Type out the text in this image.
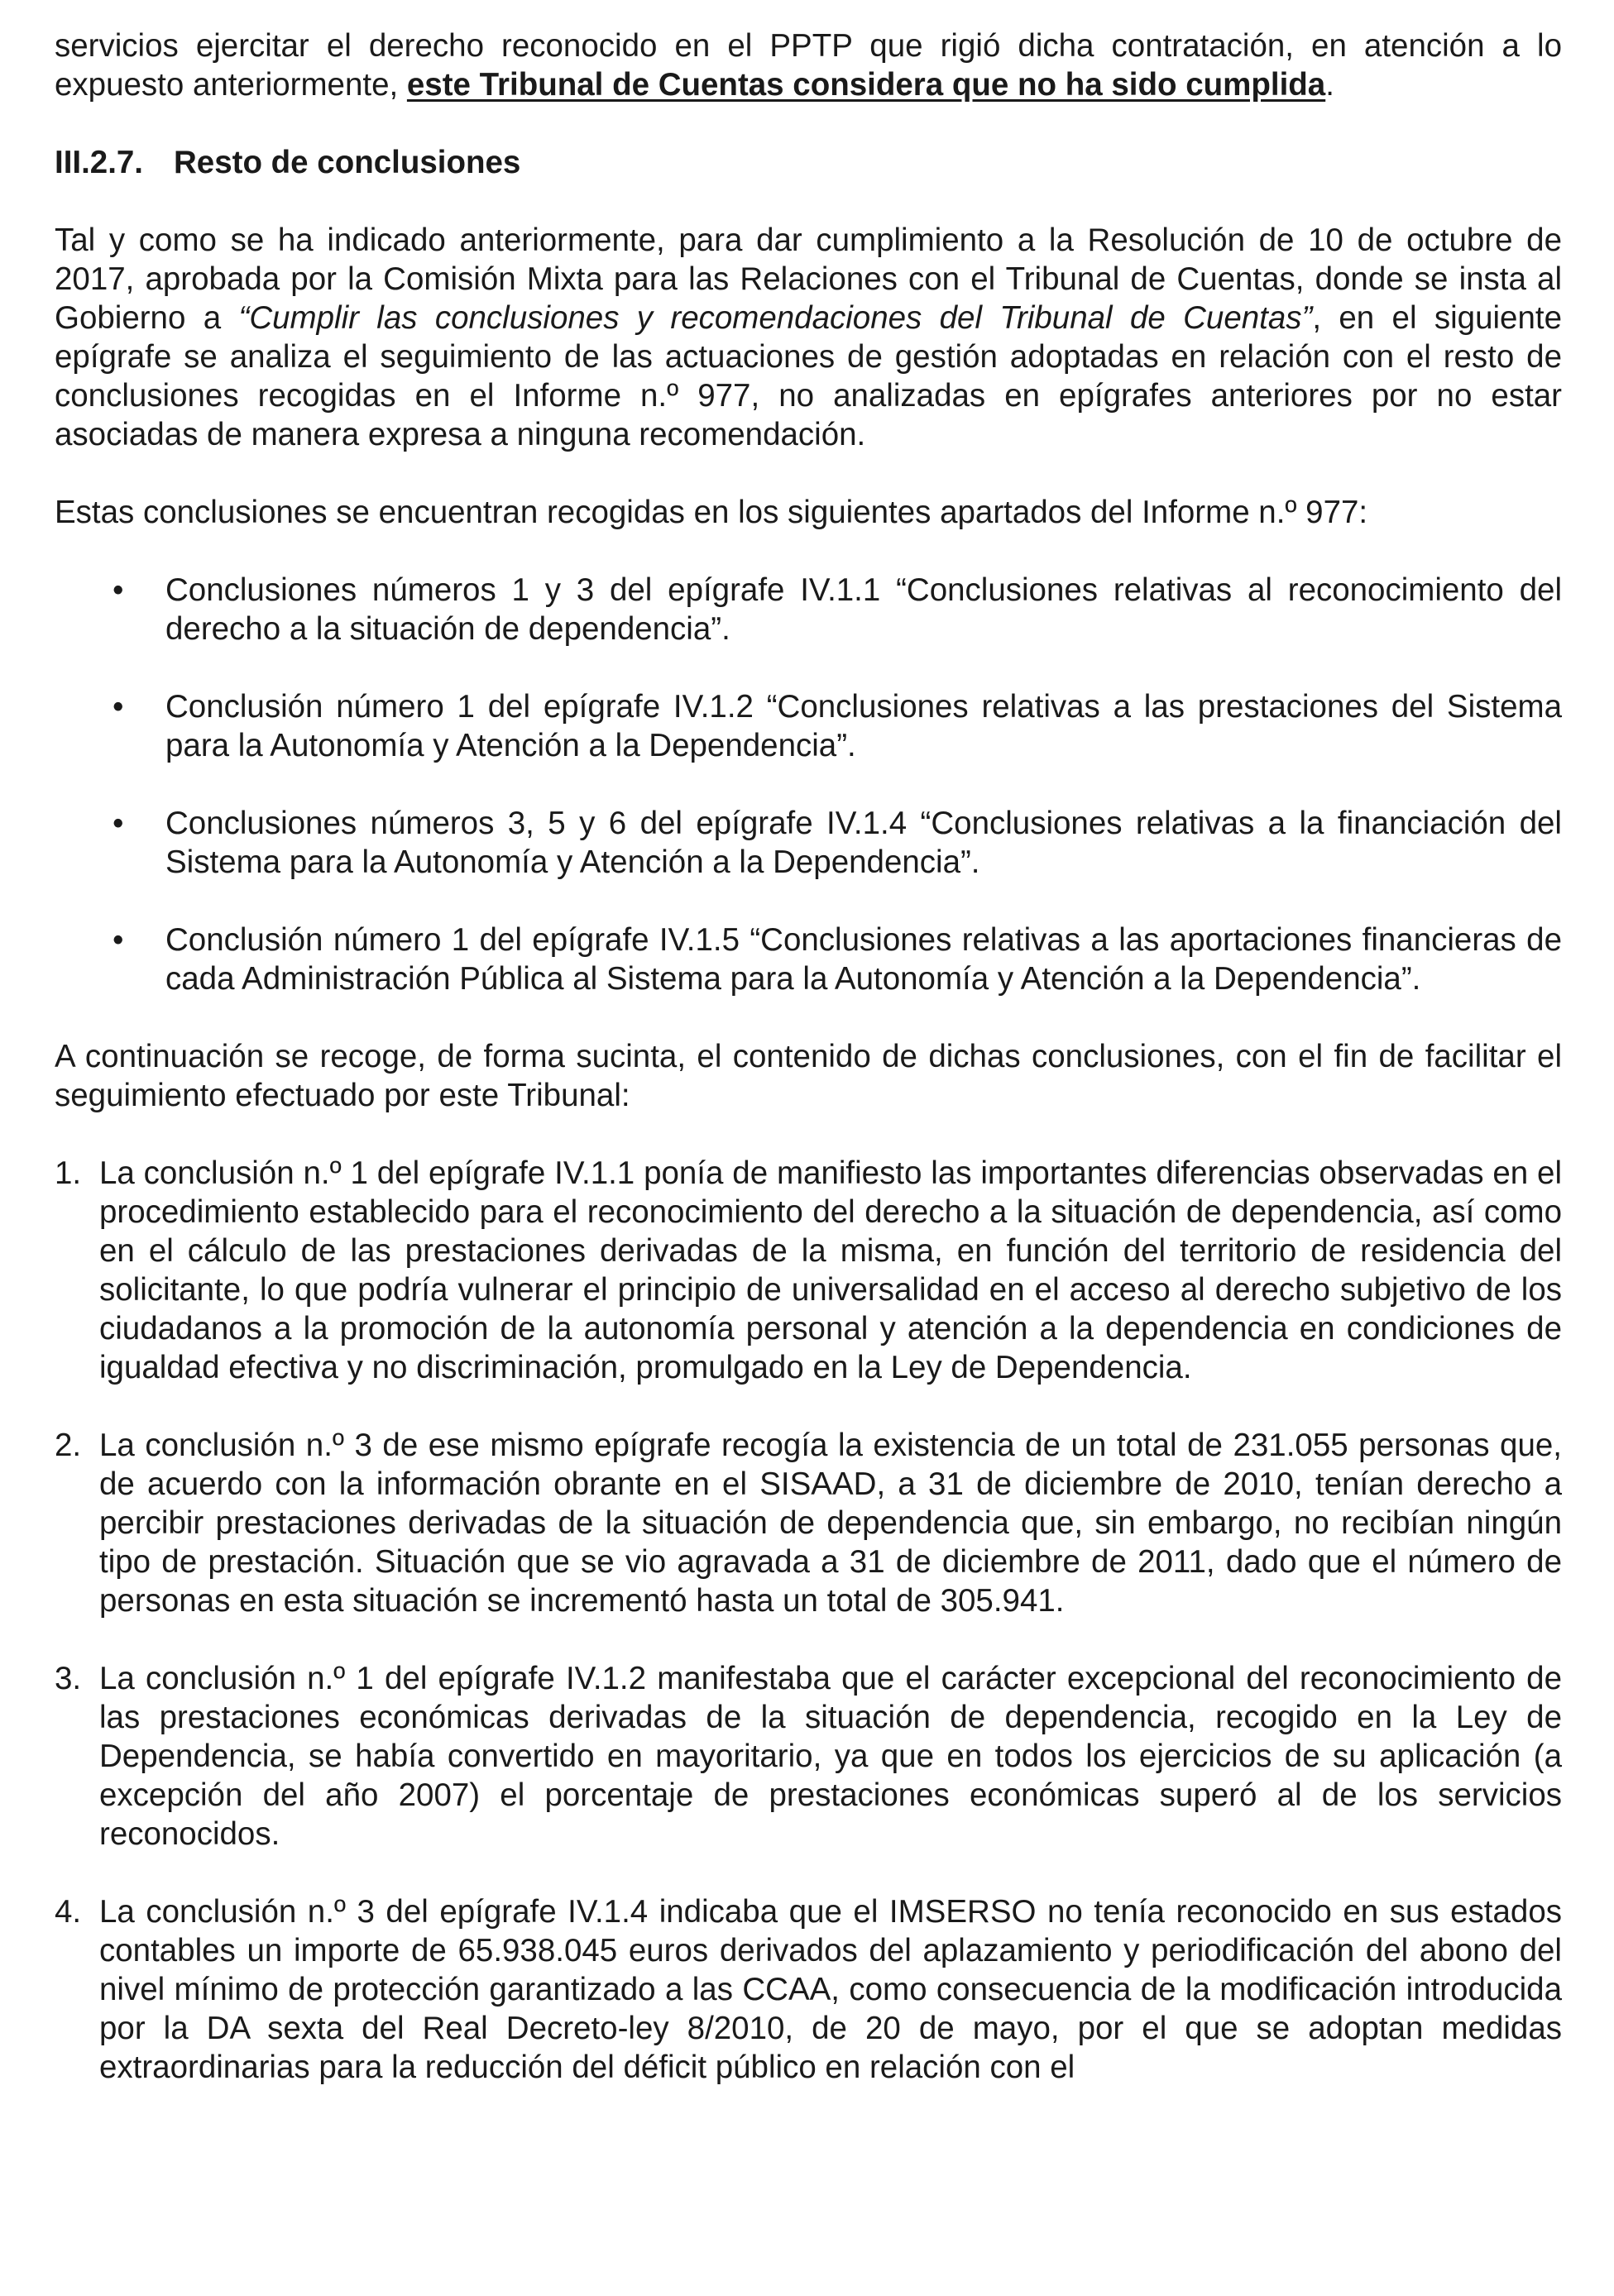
servicios ejercitar el derecho reconocido en el PPTP que rigió dicha contratación, en atención a lo expuesto anteriormente, este Tribunal de Cuentas considera que no ha sido cumplida.

III.2.7. Resto de conclusiones

Tal y como se ha indicado anteriormente, para dar cumplimiento a la Resolución de 10 de octubre de 2017, aprobada por la Comisión Mixta para las Relaciones con el Tribunal de Cuentas, donde se insta al Gobierno a “Cumplir las conclusiones y recomendaciones del Tribunal de Cuentas”, en el siguiente epígrafe se analiza el seguimiento de las actuaciones de gestión adoptadas en relación con el resto de conclusiones recogidas en el Informe n.º 977, no analizadas en epígrafes anteriores por no estar asociadas de manera expresa a ninguna recomendación.

Estas conclusiones se encuentran recogidas en los siguientes apartados del Informe n.º 977:

• Conclusiones números 1 y 3 del epígrafe IV.1.1 “Conclusiones relativas al reconocimiento del derecho a la situación de dependencia”.
• Conclusión número 1 del epígrafe IV.1.2 “Conclusiones relativas a las prestaciones del Sistema para la Autonomía y Atención a la Dependencia”.
• Conclusiones números 3, 5 y 6 del epígrafe IV.1.4 “Conclusiones relativas a la financiación del Sistema para la Autonomía y Atención a la Dependencia”.
• Conclusión número 1 del epígrafe IV.1.5 “Conclusiones relativas a las aportaciones financieras de cada Administración Pública al Sistema para la Autonomía y Atención a la Dependencia”.

A continuación se recoge, de forma sucinta, el contenido de dichas conclusiones, con el fin de facilitar el seguimiento efectuado por este Tribunal:

1. La conclusión n.º 1 del epígrafe IV.1.1 ponía de manifiesto las importantes diferencias observadas en el procedimiento establecido para el reconocimiento del derecho a la situación de dependencia, así como en el cálculo de las prestaciones derivadas de la misma, en función del territorio de residencia del solicitante, lo que podría vulnerar el principio de universalidad en el acceso al derecho subjetivo de los ciudadanos a la promoción de la autonomía personal y atención a la dependencia en condiciones de igualdad efectiva y no discriminación, promulgado en la Ley de Dependencia.
2. La conclusión n.º 3 de ese mismo epígrafe recogía la existencia de un total de 231.055 personas que, de acuerdo con la información obrante en el SISAAD, a 31 de diciembre de 2010, tenían derecho a percibir prestaciones derivadas de la situación de dependencia que, sin embargo, no recibían ningún tipo de prestación. Situación que se vio agravada a 31 de diciembre de 2011, dado que el número de personas en esta situación se incrementó hasta un total de 305.941.
3. La conclusión n.º 1 del epígrafe IV.1.2 manifestaba que el carácter excepcional del reconocimiento de las prestaciones económicas derivadas de la situación de dependencia, recogido en la Ley de Dependencia, se había convertido en mayoritario, ya que en todos los ejercicios de su aplicación (a excepción del año 2007) el porcentaje de prestaciones económicas superó al de los servicios reconocidos.
4. La conclusión n.º 3 del epígrafe IV.1.4 indicaba que el IMSERSO no tenía reconocido en sus estados contables un importe de 65.938.045 euros derivados del aplazamiento y periodificación del abono del nivel mínimo de protección garantizado a las CCAA, como consecuencia de la modificación introducida por la DA sexta del Real Decreto-ley 8/2010, de 20 de mayo, por el que se adoptan medidas extraordinarias para la reducción del déficit público en relación con el
